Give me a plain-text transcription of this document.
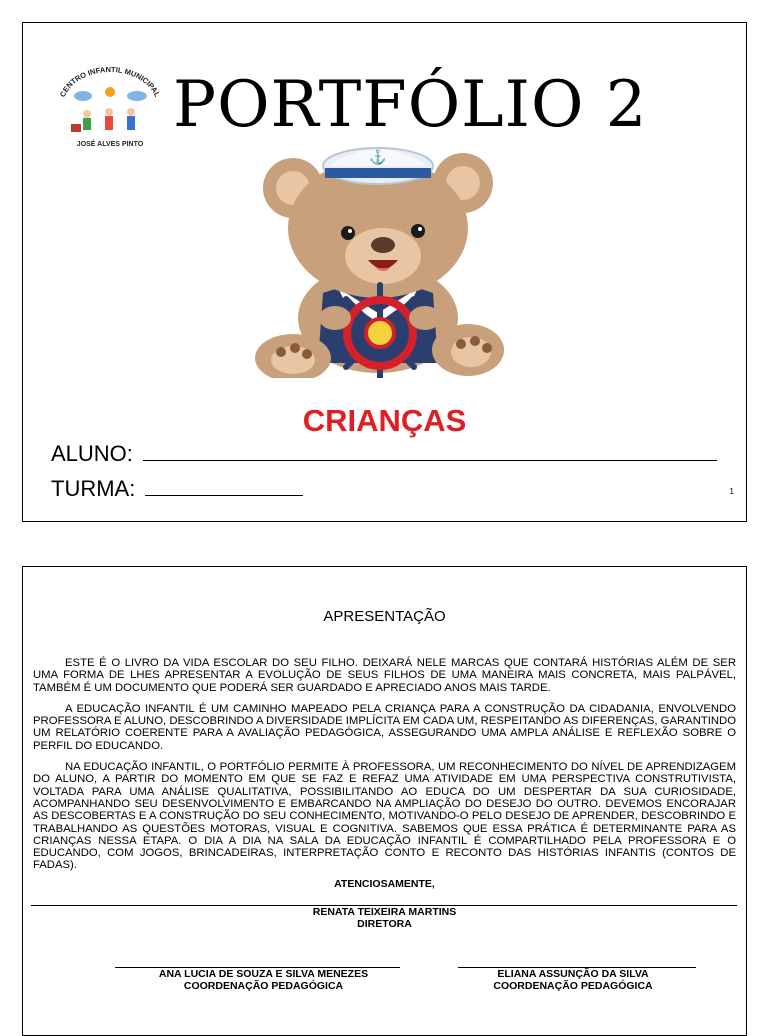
CENTRO INFANTIL MUNICIPAL
JOSÉ ALVES PINTO
PORTFÓLIO 2
⚓
CRIANÇAS
ALUNO:
TURMA:	1
APRESENTAÇÃO

ESTE É O LIVRO DA VIDA ESCOLAR DO SEU FILHO. DEIXARÁ NELE MARCAS QUE CONTARÁ HISTÓRIAS ALÉM DE SER UMA FORMA DE LHES APRESENTAR A EVOLUÇÃO DE SEUS FILHOS DE UMA MANEIRA MAIS CONCRETA, MAIS PALPÁVEL, TAMBÉM É UM DOCUMENTO QUE PODERÁ SER GUARDADO E APRECIADO ANOS MAIS TARDE.

A EDUCAÇÃO INFANTIL É UM CAMINHO MAPEADO PELA CRIANÇA PARA A CONSTRUÇÃO DA CIDADANIA, ENVOLVENDO PROFESSORA E ALUNO, DESCOBRINDO A DIVERSIDADE IMPLÍCITA EM CADA UM, RESPEITANDO AS DIFERENÇAS, GARANTINDO UM RELATÓRIO COERENTE PARA A AVALIAÇÃO PEDAGÓGICA, ASSEGURANDO UMA AMPLA ANÁLISE E REFLEXÃO SOBRE O PERFIL DO EDUCANDO.

NA EDUCAÇÃO INFANTIL, O PORTFÓLIO PERMITE À PROFESSORA, UM RECONHECIMENTO DO NÍVEL DE APRENDIZAGEM DO ALUNO, A PARTIR DO MOMENTO EM QUE SE FAZ E REFAZ UMA ATIVIDADE EM UMA PERSPECTIVA CONSTRUTIVISTA, VOLTADA PARA UMA ANÁLISE QUALITATIVA, POSSIBILITANDO AO EDUCA DO UM DESPERTAR DA SUA CURIOSIDADE, ACOMPANHANDO SEU DESENVOLVIMENTO E EMBARCANDO NA AMPLIAÇÃO DO DESEJO DO OUTRO. DEVEMOS ENCORAJAR AS DESCOBERTAS E A CONSTRUÇÃO DO SEU CONHECIMENTO, MOTIVANDO-O PELO DESEJO DE APRENDER, DESCOBRINDO E TRABALHANDO AS QUESTÕES MOTORAS, VISUAL E COGNITIVA. SABEMOS QUE ESSA PRÁTICA É DETERMINANTE PARA AS CRIANÇAS NESSA ETAPA. O DIA A DIA NA SALA DA EDUCAÇÃO INFANTIL É COMPARTILHADO PELA PROFESSORA E O EDUCANDO, COM JOGOS, BRINCADEIRAS, INTERPRETAÇÃO CONTO E RECONTO DAS HISTÓRIAS INFANTIS (CONTOS DE FADAS).

ATENCIOSAMENTE,
RENATA TEIXEIRA MARTINS
DIRETORA
ANA LUCIA DE SOUZA E SILVA MENEZES
COORDENAÇÃO PEDAGÓGICA
ELIANA ASSUNÇÃO DA SILVA
COORDENAÇÃO PEDAGÓGICA
